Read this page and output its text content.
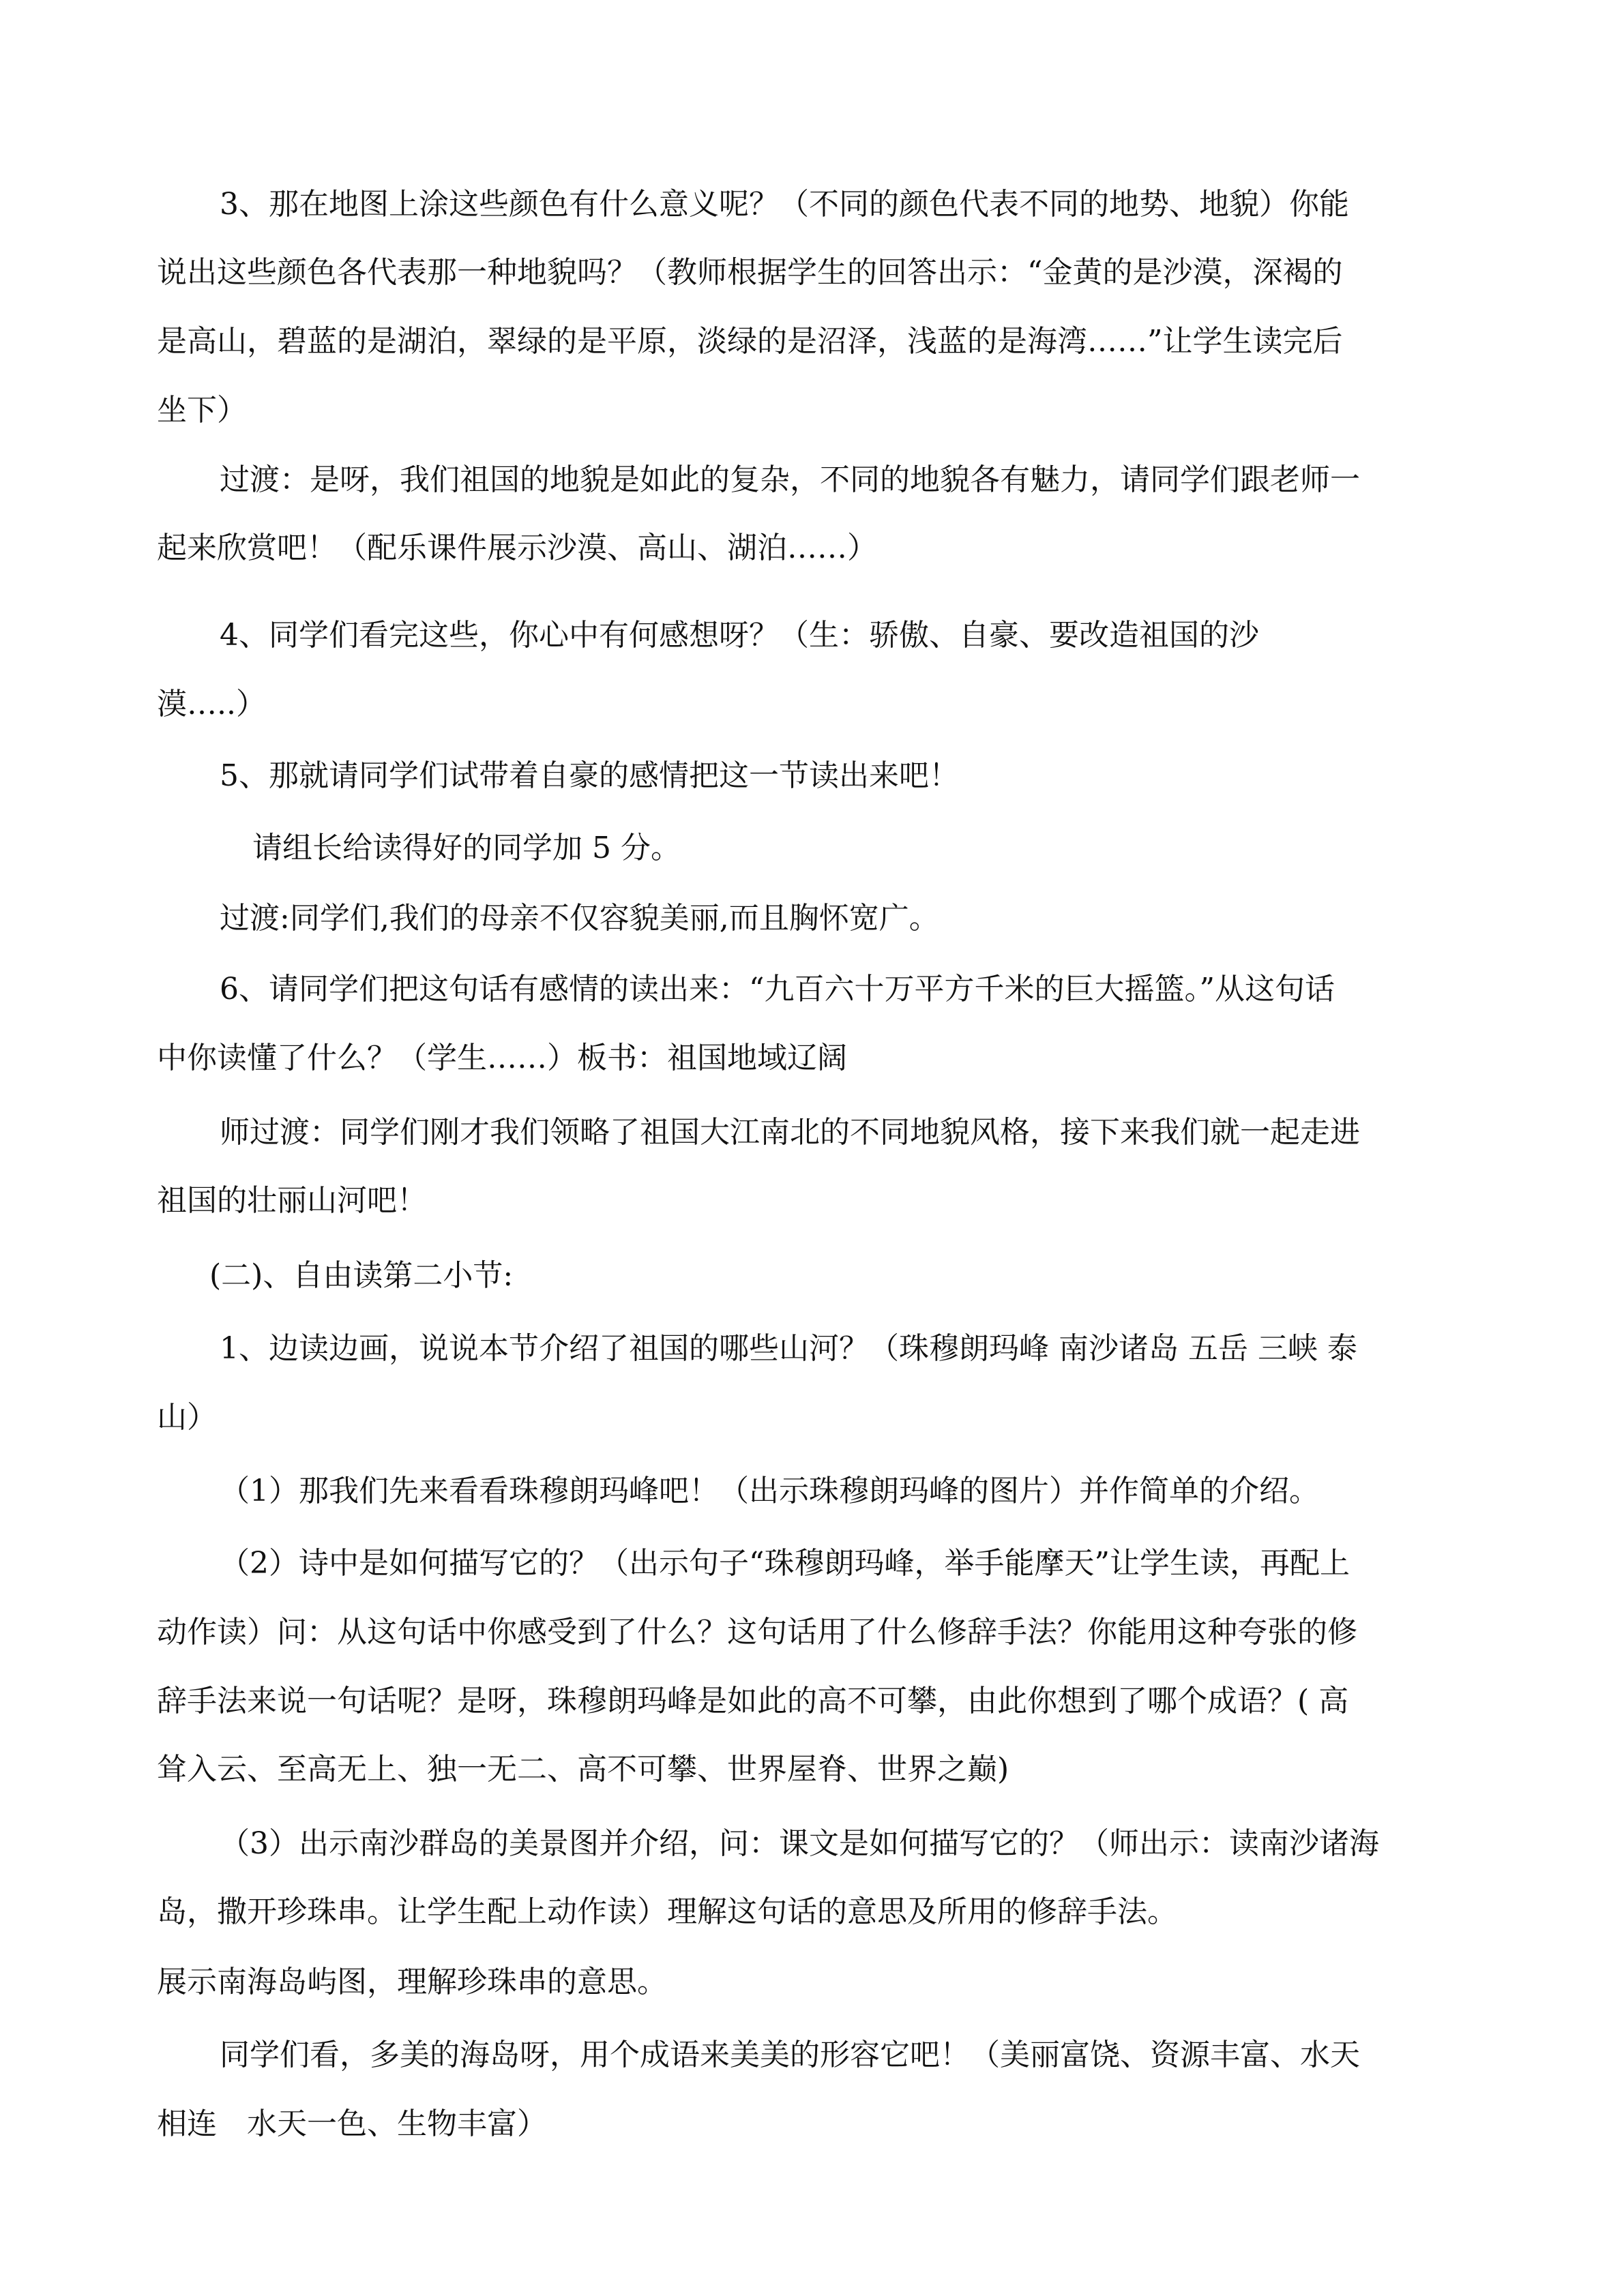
3、那在地图上涂这些颜色有什么意义呢？（不同的颜色代表不同的地势、地貌）你能

说出这些颜色各代表那一种地貌吗？（教师根据学生的回答出示：“金黄的是沙漠，深褐的

是高山，碧蓝的是湖泊，翠绿的是平原，淡绿的是沼泽，浅蓝的是海湾……”让学生读完后

坐下）

过渡：是呀，我们祖国的地貌是如此的复杂，不同的地貌各有魅力，请同学们跟老师一

起来欣赏吧！（配乐课件展示沙漠、高山、湖泊……）

4、同学们看完这些，你心中有何感想呀？（生：骄傲、自豪、要改造祖国的沙

漠…..）

5、那就请同学们试带着自豪的感情把这一节读出来吧！

请组长给读得好的同学加 5 分。

过渡:同学们,我们的母亲不仅容貌美丽,而且胸怀宽广。

6、请同学们把这句话有感情的读出来：“九百六十万平方千米的巨大摇篮。”从这句话

中你读懂了什么？（学生……）板书：祖国地域辽阔

师过渡：同学们刚才我们领略了祖国大江南北的不同地貌风格，接下来我们就一起走进

祖国的壮丽山河吧！

(二)、自由读第二小节:

1、边读边画，说说本节介绍了祖国的哪些山河？（珠穆朗玛峰 南沙诸岛 五岳 三峡 泰

山）

（1）那我们先来看看珠穆朗玛峰吧！（出示珠穆朗玛峰的图片）并作简单的介绍。

（2）诗中是如何描写它的？（出示句子“珠穆朗玛峰，举手能摩天”让学生读，再配上

动作读）问：从这句话中你感受到了什么？这句话用了什么修辞手法？你能用这种夸张的修

辞手法来说一句话呢？是呀，珠穆朗玛峰是如此的高不可攀，由此你想到了哪个成语？( 高

耸入云、至高无上、独一无二、高不可攀、世界屋脊、世界之巅)

（3）出示南沙群岛的美景图并介绍，问：课文是如何描写它的？（师出示：读南沙诸海

岛，撒开珍珠串。让学生配上动作读）理解这句话的意思及所用的修辞手法。

展示南海岛屿图，理解珍珠串的意思。

同学们看，多美的海岛呀，用个成语来美美的形容它吧！（美丽富饶、资源丰富、水天

相连　水天一色、生物丰富）
